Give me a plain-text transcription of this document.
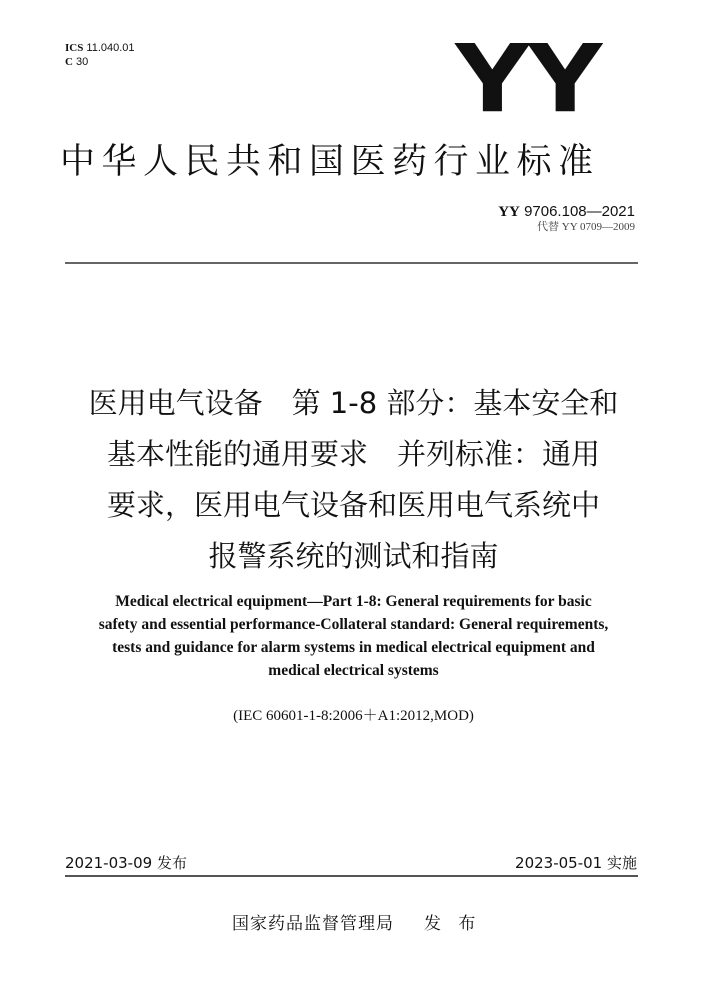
ICS 11.040.01
C 30	YY
中华人民共和国医药行业标准
YY 9706.108—2021
代替 YY 0709—2009
医用电气设备　第 1-8 部分：基本安全和
基本性能的通用要求　并列标准：通用
要求，医用电气设备和医用电气系统中
报警系统的测试和指南
Medical electrical equipment—Part 1-8: General requirements for basic
safety and essential performance-Collateral standard: General requirements,
tests and guidance for alarm systems in medical electrical equipment and
medical electrical systems
(IEC 60601-1-8:2006＋A1:2012,MOD)
2021-03-09 发布	2023-05-01 实施
国家药品监督管理局 发 布
